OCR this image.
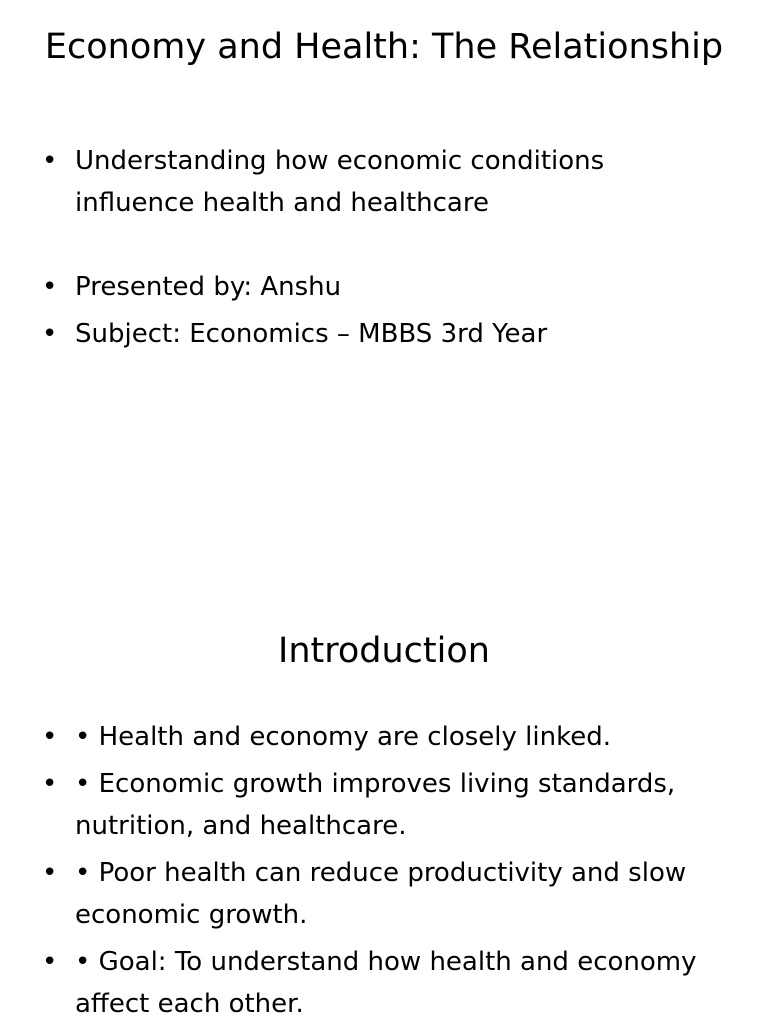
Economy and Health: The Relationship
• Understanding how economic conditions influence health and healthcare
• Presented by: Anshu
• Subject: Economics – MBBS 3rd Year
Introduction
• • Health and economy are closely linked.
• • Economic growth improves living standards, nutrition, and healthcare.
• • Poor health can reduce productivity and slow economic growth.
• • Goal: To understand how health and economy affect each other.
